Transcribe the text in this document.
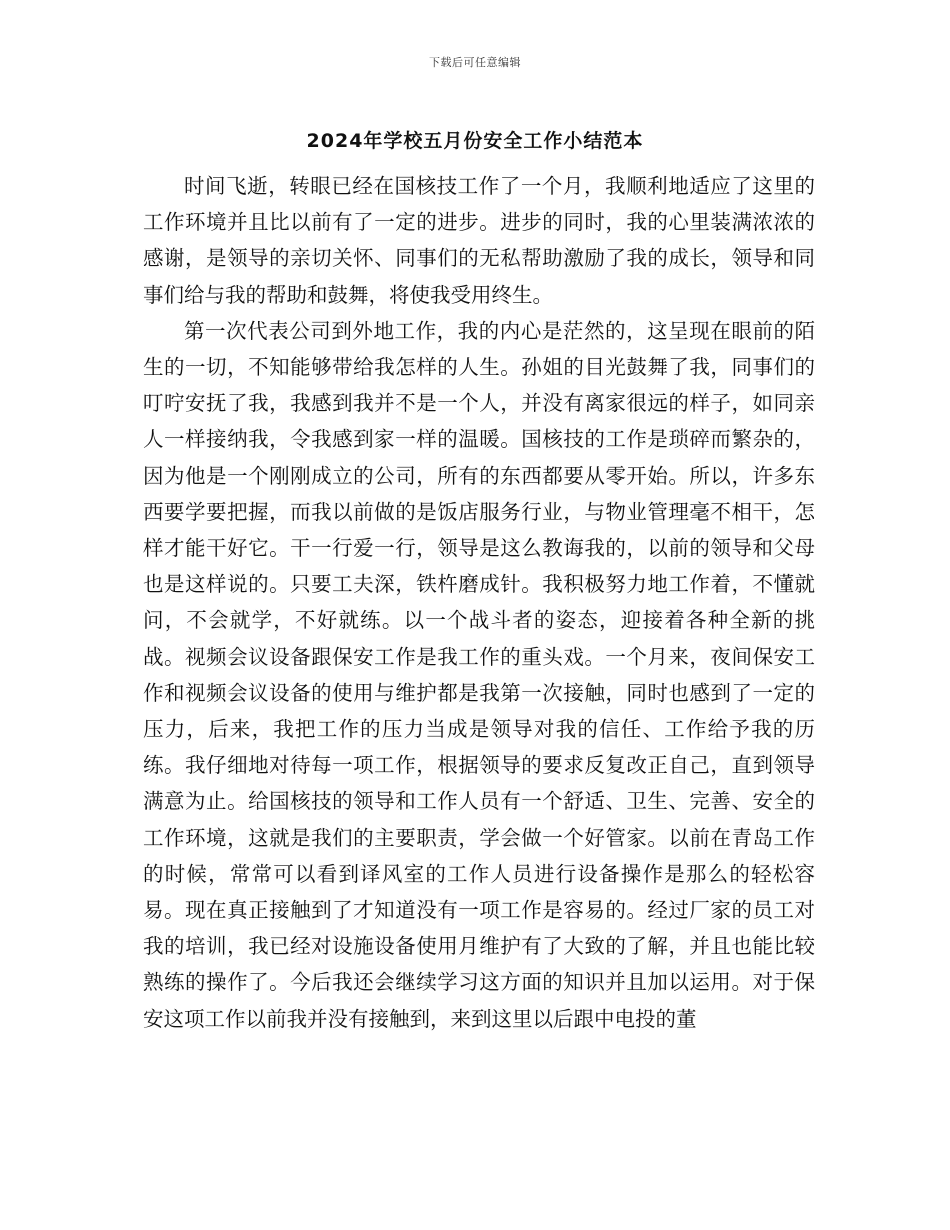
下载后可任意编辑
2024年学校五月份安全工作小结范本

时间飞逝，转眼已经在国核技工作了一个月，我顺利地适应了这里的工作环境并且比以前有了一定的进步。进步的同时，我的心里装满浓浓的感谢，是领导的亲切关怀、同事们的无私帮助激励了我的成长，领导和同事们给与我的帮助和鼓舞，将使我受用终生。

第一次代表公司到外地工作，我的内心是茫然的，这呈现在眼前的陌生的一切，不知能够带给我怎样的人生。孙姐的目光鼓舞了我，同事们的叮咛安抚了我，我感到我并不是一个人，并没有离家很远的样子，如同亲人一样接纳我，令我感到家一样的温暖。国核技的工作是琐碎而繁杂的，因为他是一个刚刚成立的公司，所有的东西都要从零开始。所以，许多东西要学要把握，而我以前做的是饭店服务行业，与物业管理毫不相干，怎样才能干好它。干一行爱一行，领导是这么教诲我的，以前的领导和父母也是这样说的。只要工夫深，铁杵磨成针。我积极努力地工作着，不懂就问，不会就学，不好就练。以一个战斗者的姿态，迎接着各种全新的挑战。视频会议设备跟保安工作是我工作的重头戏。一个月来，夜间保安工作和视频会议设备的使用与维护都是我第一次接触，同时也感到了一定的压力，后来，我把工作的压力当成是领导对我的信任、工作给予我的历练。我仔细地对待每一项工作，根据领导的要求反复改正自己，直到领导满意为止。给国核技的领导和工作人员有一个舒适、卫生、完善、安全的工作环境，这就是我们的主要职责，学会做一个好管家。以前在青岛工作的时候，常常可以看到译风室的工作人员进行设备操作是那么的轻松容易。现在真正接触到了才知道没有一项工作是容易的。经过厂家的员工对我的培训，我已经对设施设备使用月维护有了大致的了解，并且也能比较熟练的操作了。今后我还会继续学习这方面的知识并且加以运用。对于保安这项工作以前我并没有接触到，来到这里以后跟中电投的董
